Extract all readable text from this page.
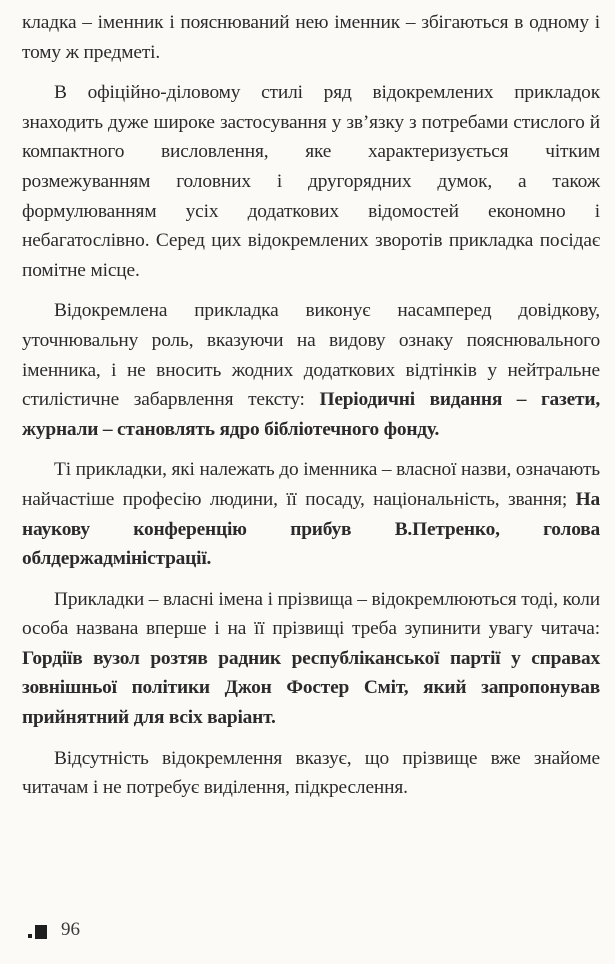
кладка – іменник і пояснюваний нею іменник – збігаються в одному і тому ж предметі.

В офіційно-діловому стилі ряд відокремлених прикладок знаходить дуже широке застосування у зв’язку з потребами стислого й компактного висловлення, яке характеризується чітким розмежуванням головних і другорядних думок, а також формулюванням усіх додаткових відомостей економно і небагатослівно. Серед цих відокремлених зворотів прикладка посідає помітне місце.

Відокремлена прикладка виконує насамперед довідкову, уточнювальну роль, вказуючи на видову ознаку пояснювального іменника, і не вносить жодних додаткових відтінків у нейтральне стилістичне забарвлення тексту: Періодичні видання – газети, журнали – становлять ядро бібліотечного фонду.

Ті прикладки, які належать до іменника – власної назви, означають найчастіше професію людини, її посаду, національність, звання; На наукову конференцію прибув В.Петренко, голова облдержадміністрації.

Прикладки – власні імена і прізвища – відокремлюються тоді, коли особа названа вперше і на її прізвищі треба зупинити увагу читача: Гордіїв вузол розтяв радник республіканської партії у справах зовнішньої політики Джон Фостер Сміт, який запропонував прийнятний для всіх варіант.

Відсутність відокремлення вказує, що прізвище вже знайоме читачам і не потребує виділення, підкреслення.

96
